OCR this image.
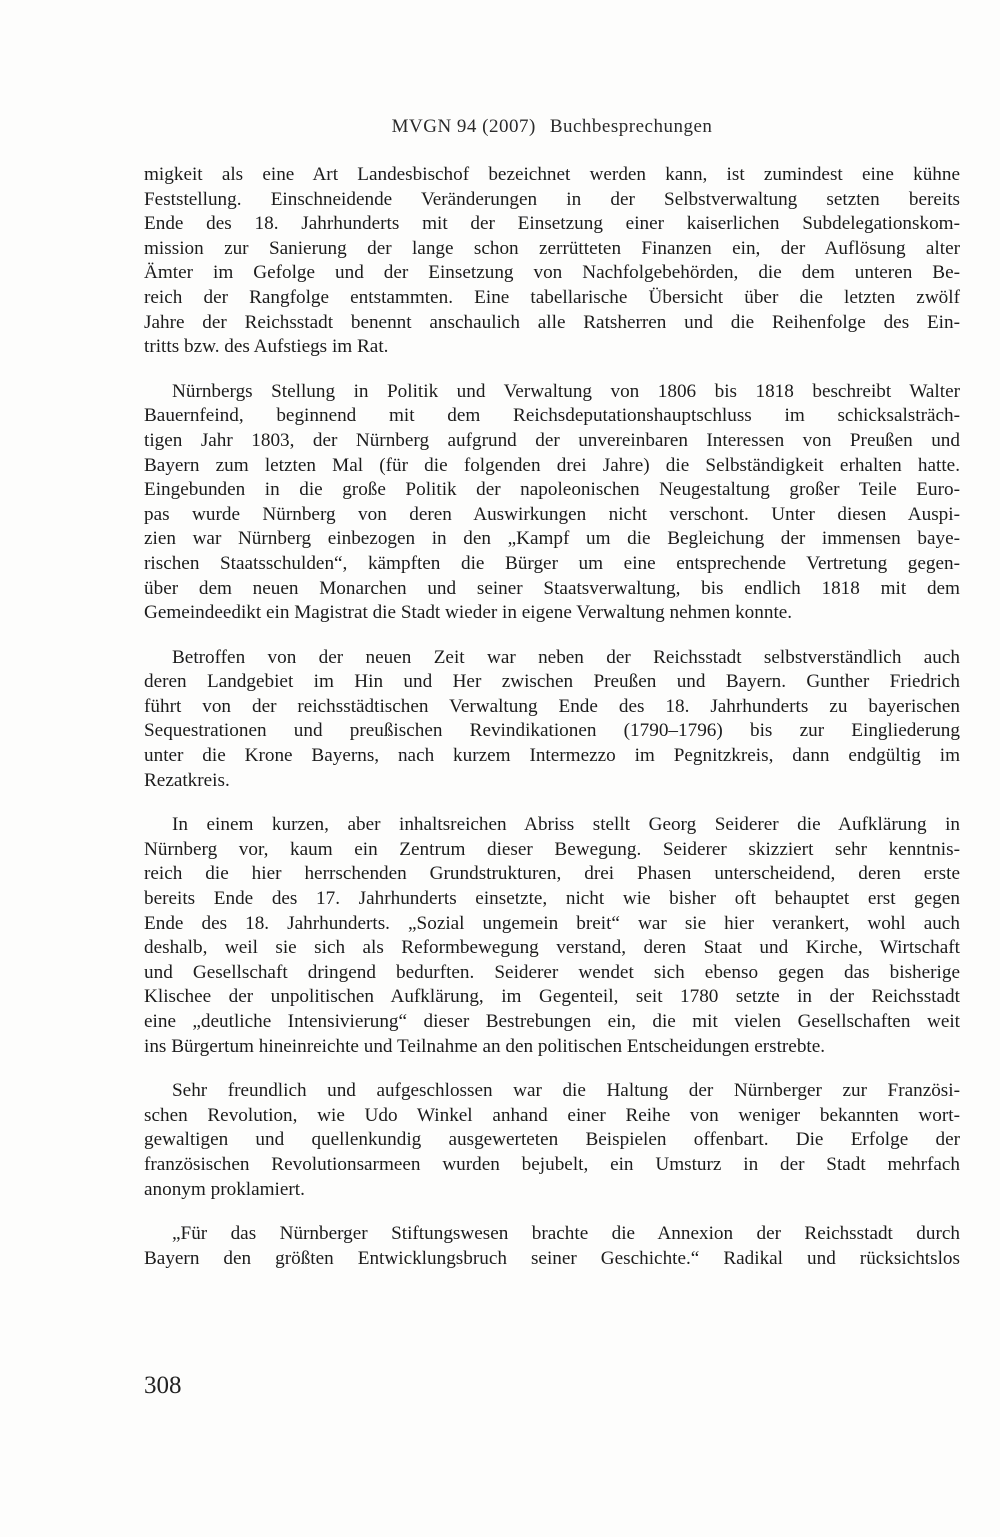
MVGN 94 (2007) Buchbesprechungen
migkeit als eine Art Landesbischof bezeichnet werden kann, ist zumindest eine kühne
Feststellung. Einschneidende Veränderungen in der Selbstverwaltung setzten bereits
Ende des 18. Jahrhunderts mit der Einsetzung einer kaiserlichen Subdelegationskom-
mission zur Sanierung der lange schon zerrütteten Finanzen ein, der Auflösung alter
Ämter im Gefolge und der Einsetzung von Nachfolgebehörden, die dem unteren Be-
reich der Rangfolge entstammten. Eine tabellarische Übersicht über die letzten zwölf
Jahre der Reichsstadt benennt anschaulich alle Ratsherren und die Reihenfolge des Ein-
tritts bzw. des Aufstiegs im Rat.
Nürnbergs Stellung in Politik und Verwaltung von 1806 bis 1818 beschreibt Walter
Bauernfeind, beginnend mit dem Reichsdeputationshauptschluss im schicksalsträch-
tigen Jahr 1803, der Nürnberg aufgrund der unvereinbaren Interessen von Preußen und
Bayern zum letzten Mal (für die folgenden drei Jahre) die Selbständigkeit erhalten hatte.
Eingebunden in die große Politik der napoleonischen Neugestaltung großer Teile Euro-
pas wurde Nürnberg von deren Auswirkungen nicht verschont. Unter diesen Auspi-
zien war Nürnberg einbezogen in den „Kampf um die Begleichung der immensen baye-
rischen Staatsschulden“, kämpften die Bürger um eine entsprechende Vertretung gegen-
über dem neuen Monarchen und seiner Staatsverwaltung, bis endlich 1818 mit dem
Gemeindeedikt ein Magistrat die Stadt wieder in eigene Verwaltung nehmen konnte.
Betroffen von der neuen Zeit war neben der Reichsstadt selbstverständlich auch
deren Landgebiet im Hin und Her zwischen Preußen und Bayern. Gunther Friedrich
führt von der reichsstädtischen Verwaltung Ende des 18. Jahrhunderts zu bayerischen
Sequestrationen und preußischen Revindikationen (1790–1796) bis zur Eingliederung
unter die Krone Bayerns, nach kurzem Intermezzo im Pegnitzkreis, dann endgültig im
Rezatkreis.
In einem kurzen, aber inhaltsreichen Abriss stellt Georg Seiderer die Aufklärung in
Nürnberg vor, kaum ein Zentrum dieser Bewegung. Seiderer skizziert sehr kenntnis-
reich die hier herrschenden Grundstrukturen, drei Phasen unterscheidend, deren erste
bereits Ende des 17. Jahrhunderts einsetzte, nicht wie bisher oft behauptet erst gegen
Ende des 18. Jahrhunderts. „Sozial ungemein breit“ war sie hier verankert, wohl auch
deshalb, weil sie sich als Reformbewegung verstand, deren Staat und Kirche, Wirtschaft
und Gesellschaft dringend bedurften. Seiderer wendet sich ebenso gegen das bisherige
Klischee der unpolitischen Aufklärung, im Gegenteil, seit 1780 setzte in der Reichsstadt
eine „deutliche Intensivierung“ dieser Bestrebungen ein, die mit vielen Gesellschaften weit
ins Bürgertum hineinreichte und Teilnahme an den politischen Entscheidungen erstrebte.
Sehr freundlich und aufgeschlossen war die Haltung der Nürnberger zur Französi-
schen Revolution, wie Udo Winkel anhand einer Reihe von weniger bekannten wort-
gewaltigen und quellenkundig ausgewerteten Beispielen offenbart. Die Erfolge der
französischen Revolutionsarmeen wurden bejubelt, ein Umsturz in der Stadt mehrfach
anonym proklamiert.
„Für das Nürnberger Stiftungswesen brachte die Annexion der Reichsstadt durch
Bayern den größten Entwicklungsbruch seiner Geschichte.“ Radikal und rücksichtslos
308
